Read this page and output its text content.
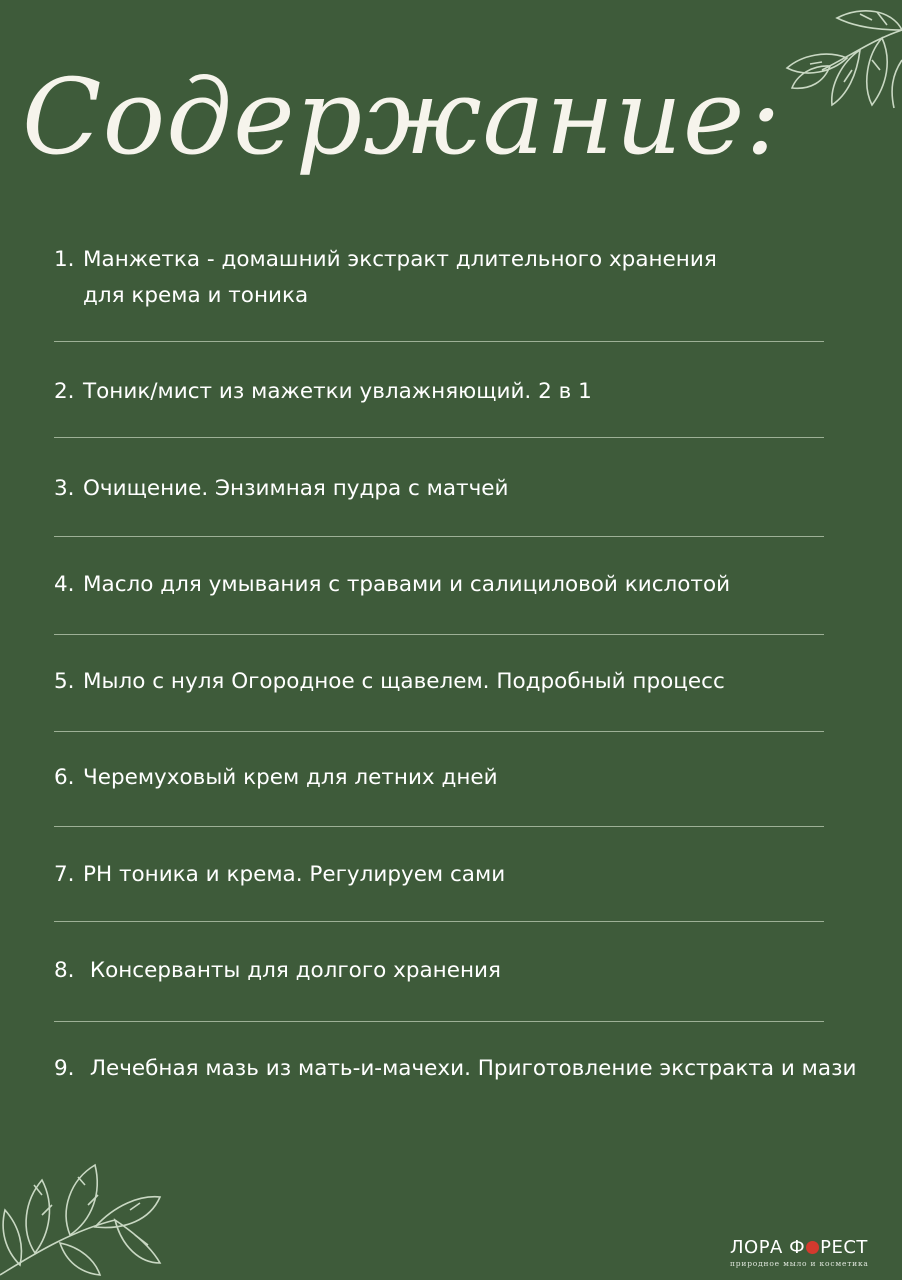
Содержание:

1. Манжетка - домашний экстракт длительного хранения
для крема и тоника

2. Тоник/мист из мажетки увлажняющий. 2 в 1

3. Очищение. Энзимная пудра с матчей

4. Масло для умывания с травами и салициловой кислотой

5. Мыло с нуля Огородное с щавелем. Подробный процесс

6. Черемуховый крем для летних дней

7. PH тоника и крема. Регулируем сами

8. Консерванты для долгого хранения

9. Лечебная мазь из мать-и-мачехи. Приготовление экстракта и мази

ЛОРА Ф РЕСТ
природное мыло и косметика
